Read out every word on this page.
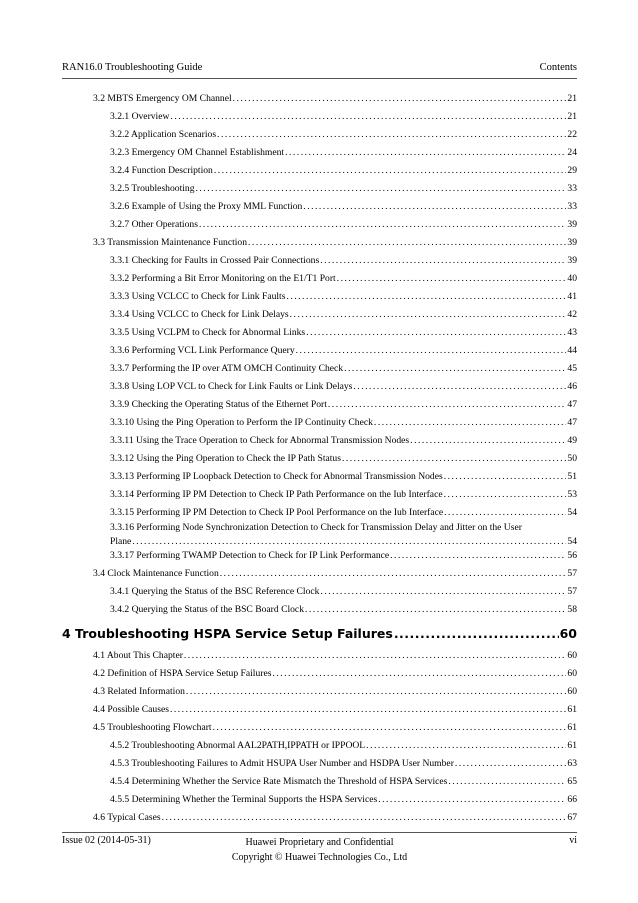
RAN16.0 Troubleshooting Guide	Contents
3.2 MBTS Emergency OM Channel .....	21
3.2.1 Overview .....	21
3.2.2 Application Scenarios .....	22
3.2.3 Emergency OM Channel Establishment .....	24
3.2.4 Function Description .....	29
3.2.5 Troubleshooting .....	33
3.2.6 Example of Using the Proxy MML Function .....	33
3.2.7 Other Operations .....	39
3.3 Transmission Maintenance Function .....	39
3.3.1 Checking for Faults in Crossed Pair Connections .....	39
3.3.2 Performing a Bit Error Monitoring on the E1/T1 Port .....	40
3.3.3 Using VCLCC to Check for Link Faults .....	41
3.3.4 Using VCLCC to Check for Link Delays .....	42
3.3.5 Using VCLPM to Check for Abnormal Links .....	43
3.3.6 Performing VCL Link Performance Query .....	44
3.3.7 Performing the IP over ATM OMCH Continuity Check .....	45
3.3.8 Using LOP VCL to Check for Link Faults or Link Delays .....	46
3.3.9 Checking the Operating Status of the Ethernet Port .....	47
3.3.10 Using the Ping Operation to Perform the IP Continuity Check .....	47
3.3.11 Using the Trace Operation to Check for Abnormal Transmission Nodes .....	49
3.3.12 Using the Ping Operation to Check the IP Path Status .....	50
3.3.13 Performing IP Loopback Detection to Check for Abnormal Transmission Nodes .....	51
3.3.14 Performing IP PM Detection to Check IP Path Performance on the Iub Interface .....	53
3.3.15 Performing IP PM Detection to Check IP Pool Performance on the Iub Interface .....	54
3.3.16 Performing Node Synchronization Detection to Check for Transmission Delay and Jitter on the User
Plane .....	54
3.3.17 Performing TWAMP Detection to Check for IP Link Performance .....	56
3.4 Clock Maintenance Function .....	57
3.4.1 Querying the Status of the BSC Reference Clock .....	57
3.4.2 Querying the Status of the BSC Board Clock .....	58
4 Troubleshooting HSPA Service Setup Failures .....	60
4.1 About This Chapter .....	60
4.2 Definition of HSPA Service Setup Failures .....	60
4.3 Related Information .....	60
4.4 Possible Causes .....	61
4.5 Troubleshooting Flowchart .....	61
4.5.2 Troubleshooting Abnormal AAL2PATH,IPPATH or IPPOOL .....	61
4.5.3 Troubleshooting Failures to Admit HSUPA User Number and HSDPA User Number .....	63
4.5.4 Determining Whether the Service Rate Mismatch the Threshold of HSPA Services .....	65
4.5.5 Determining Whether the Terminal Supports the HSPA Services .....	66
4.6 Typical Cases .....	67
Issue 02 (2014-05-31)	Huawei Proprietary and Confidential
Copyright © Huawei Technologies Co., Ltd
vi
